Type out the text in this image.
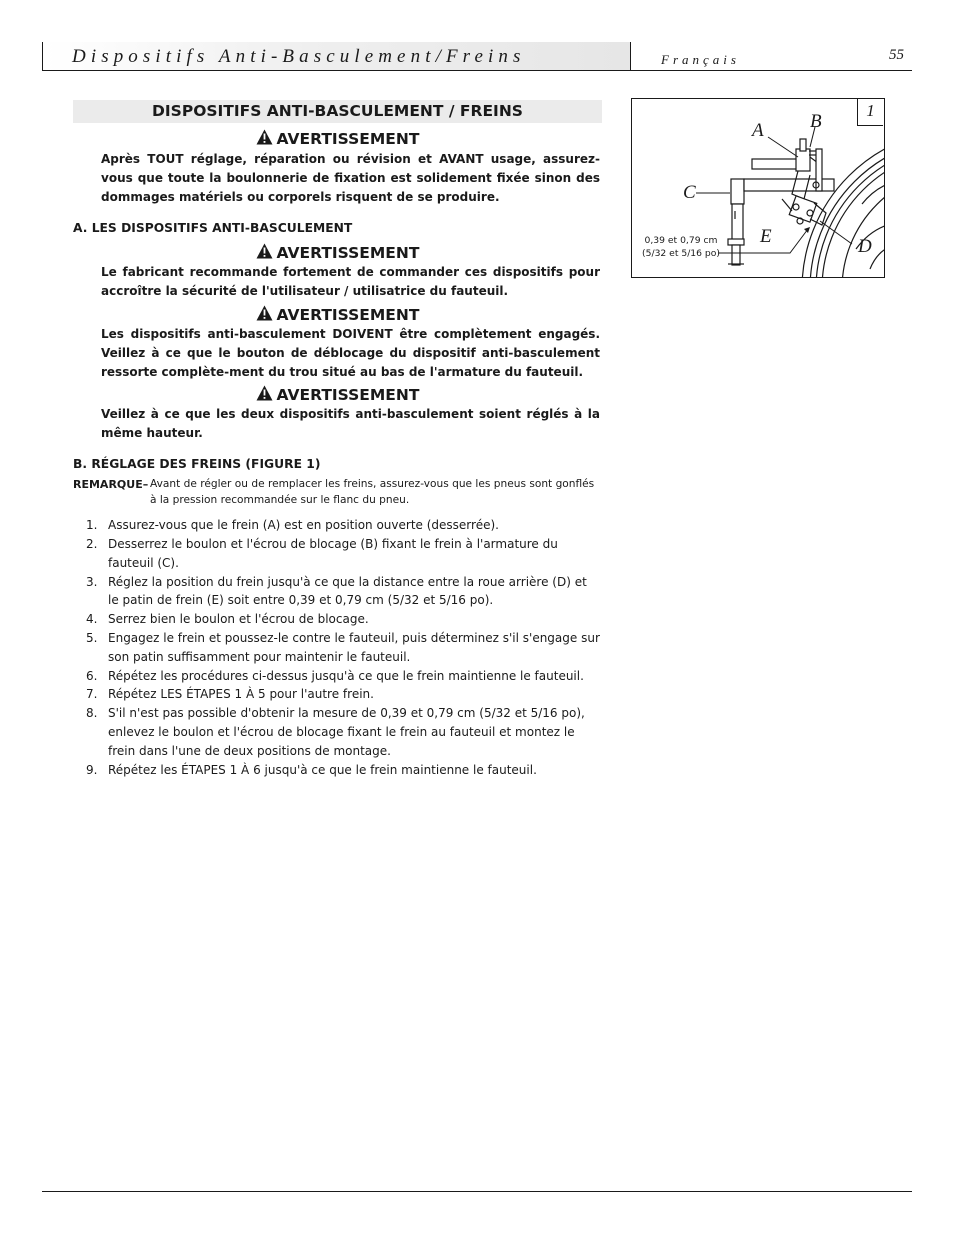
Dispositifs Anti-Basculement/Freins	Français	55
DISPOSITIFS ANTI-BASCULEMENT / FREINS
AVERTISSEMENT
Après TOUT réglage, réparation ou révision et AVANT usage, assurez-vous que toute la boulonnerie de fixation est solidement fixée sinon des dommages matériels ou corporels risquent de se produire.
A. LES DISPOSITIFS ANTI-BASCULEMENT
AVERTISSEMENT
Le fabricant recommande fortement de commander ces dispositifs pour accroître la sécurité de l'utilisateur / utilisatrice du fauteuil.
AVERTISSEMENT
Les dispositifs anti-basculement DOIVENT être complètement engagés. Veillez à ce que le bouton de déblocage du dispositif anti-basculement ressorte complète-ment du trou situé au bas de l'armature du fauteuil.
AVERTISSEMENT
Veillez à ce que les deux dispositifs anti-basculement soient réglés à la même hauteur.
B. RÉGLAGE DES FREINS (FIGURE 1)
REMARQUE– Avant de régler ou de remplacer les freins, assurez-vous que les pneus sont gonflés à la pression recommandée sur le flanc du pneu.
1. Assurez-vous que le frein (A) est en position ouverte (desserrée).
2. Desserrez le boulon et l'écrou de blocage (B) fixant le frein à l'armature du fauteuil (C).
3. Réglez la position du frein jusqu'à ce que la distance entre la roue arrière (D) et le patin de frein (E) soit entre 0,39 et 0,79 cm (5/32 et 5/16 po).
4. Serrez bien le boulon et l'écrou de blocage.
5. Engagez le frein et poussez-le contre le fauteuil, puis déterminez s'il s'engage sur son patin suffisamment pour maintenir le fauteuil.
6. Répétez les procédures ci-dessus jusqu'à ce que le frein maintienne le fauteuil.
7. Répétez LES ÉTAPES 1 À 5 pour l'autre frein.
8. S'il n'est pas possible d'obtenir la mesure de 0,39 et 0,79 cm (5/32 et 5/16 po), enlevez le boulon et l'écrou de blocage fixant le frein au fauteuil et montez le frein dans l'une de deux positions de montage.
9. Répétez les ÉTAPES 1 À 6 jusqu'à ce que le frein maintienne le fauteuil.
1
A B
C
D
E
0,39 et 0,79 cm
(5/32 et 5/16 po)
